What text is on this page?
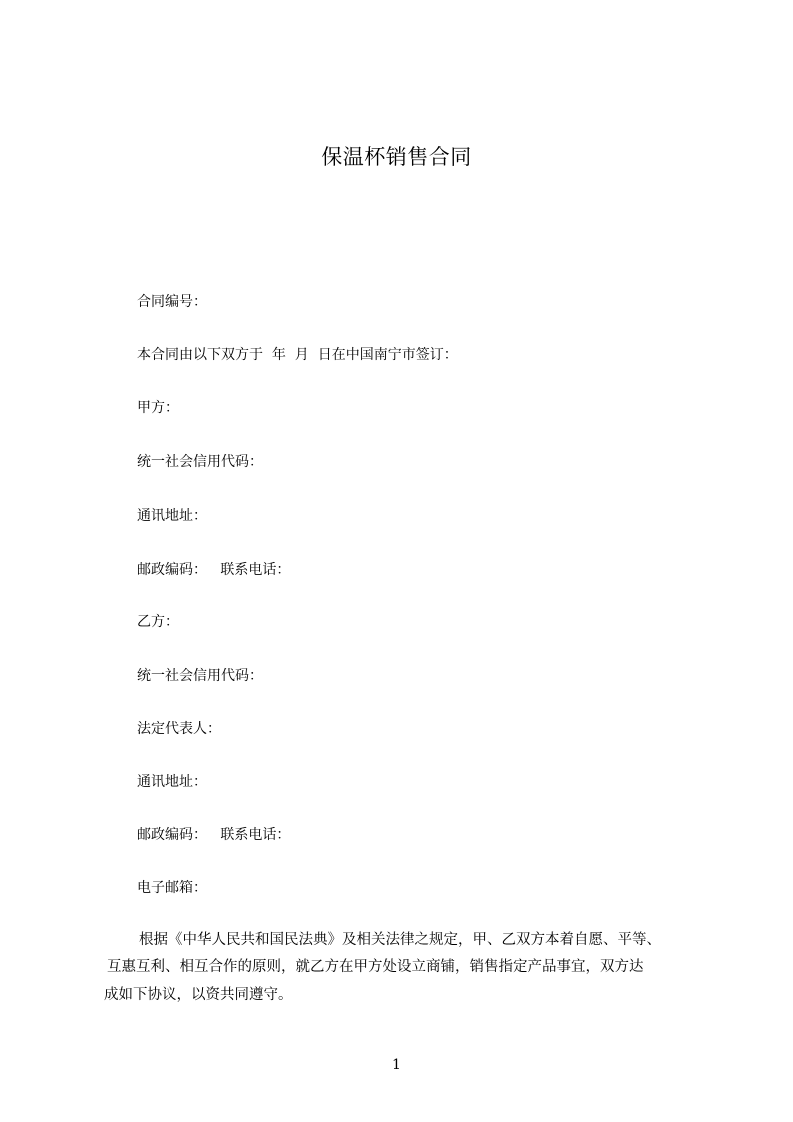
保温杯销售合同
合同编号：
本合同由以下双方于  年  月  日在中国南宁市签订：
甲方：
统一社会信用代码：
通讯地址：
邮政编码：   联系电话：
乙方：
统一社会信用代码：
法定代表人：
通讯地址：
邮政编码：   联系电话：
电子邮箱：
根据《中华人民共和国民法典》及相关法律之规定，甲、乙双方本着自愿、平等、
互惠互利、相互合作的原则，就乙方在甲方处设立商铺，销售指定产品事宜，双方达
成如下协议，以资共同遵守。
1
